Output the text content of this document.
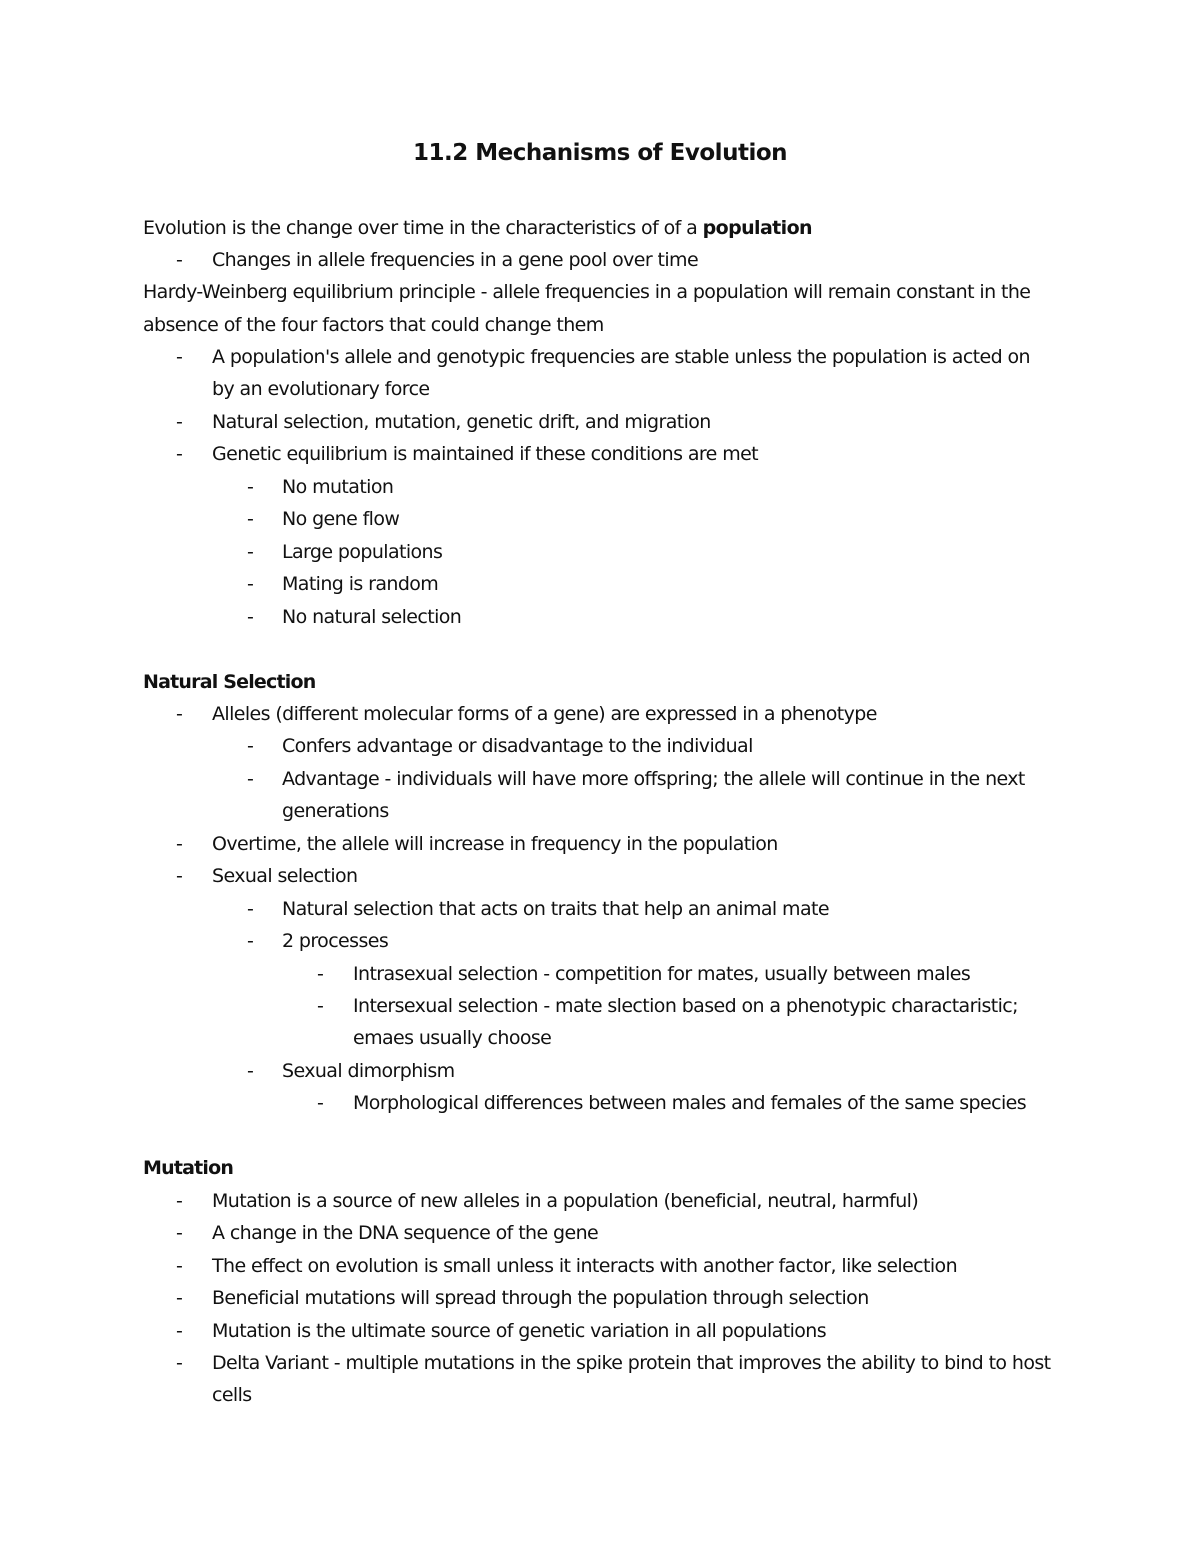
11.2 Mechanisms of Evolution
Evolution is the change over time in the characteristics of of a population
- Changes in allele frequencies in a gene pool over time
Hardy-Weinberg equilibrium principle - allele frequencies in a population will remain constant in the
absence of the four factors that could change them
- A population's allele and genotypic frequencies are stable unless the population is acted on
by an evolutionary force
- Natural selection, mutation, genetic drift, and migration
- Genetic equilibrium is maintained if these conditions are met
- No mutation
- No gene flow
- Large populations
- Mating is random
- No natural selection
Natural Selection
- Alleles (different molecular forms of a gene) are expressed in a phenotype
- Confers advantage or disadvantage to the individual
- Advantage - individuals will have more offspring; the allele will continue in the next
generations
- Overtime, the allele will increase in frequency in the population
- Sexual selection
- Natural selection that acts on traits that help an animal mate
- 2 processes
- Intrasexual selection - competition for mates, usually between males
- Intersexual selection - mate slection based on a phenotypic charactaristic;
emaes usually choose
- Sexual dimorphism
- Morphological differences between males and females of the same species
Mutation
- Mutation is a source of new alleles in a population (beneficial, neutral, harmful)
- A change in the DNA sequence of the gene
- The effect on evolution is small unless it interacts with another factor, like selection
- Beneficial mutations will spread through the population through selection
- Mutation is the ultimate source of genetic variation in all populations
- Delta Variant - multiple mutations in the spike protein that improves the ability to bind to host
cells
